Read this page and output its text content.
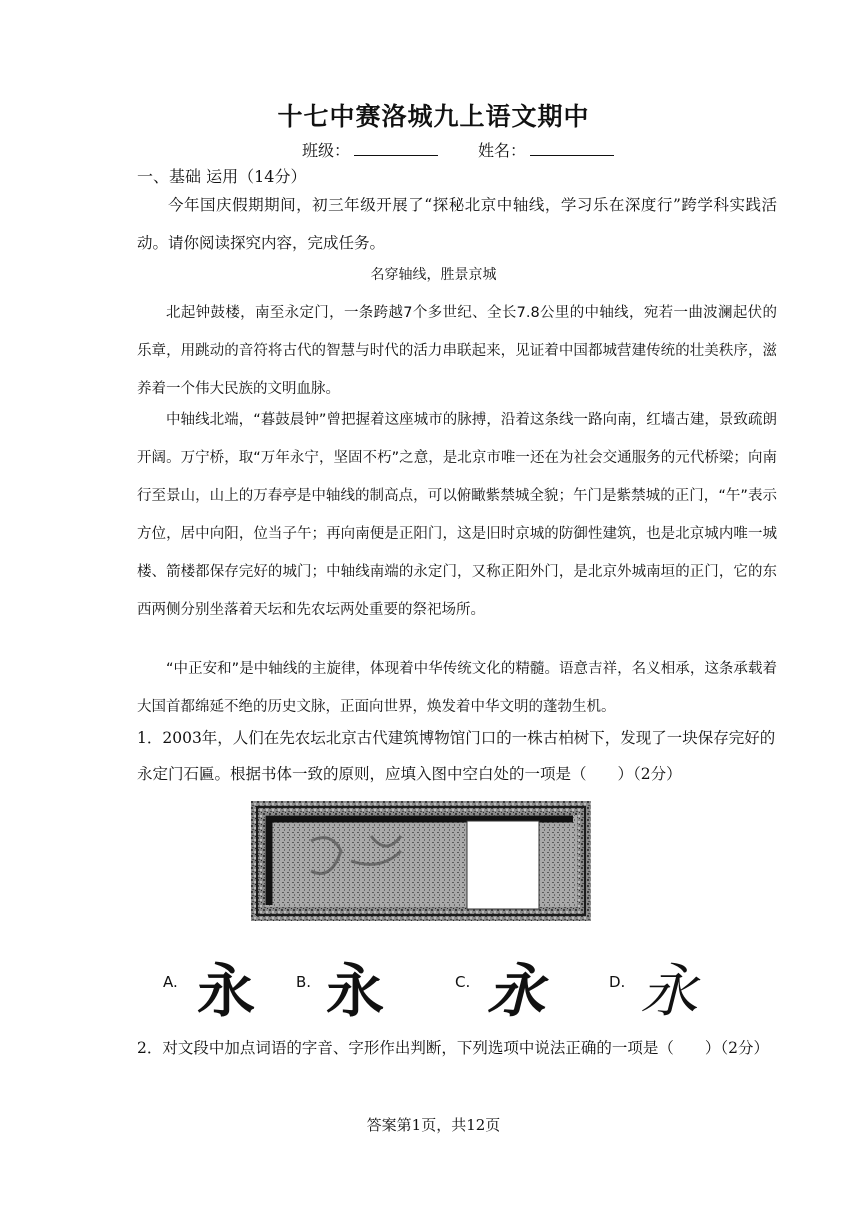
十七中赛洛城九上语文期中
班级：	姓名：
一、基础 运用（14分）
今年国庆假期期间，初三年级开展了“探秘北京中轴线，学习乐在深度行”跨学科实践活动。请你阅读探究内容，完成任务。
名穿轴线，胜景京城
北起钟鼓楼，南至永定门，一条跨越7个多世纪、全长7.8公里的中轴线，宛若一曲波澜起伏的乐章，用跳动的音符将古代的智慧与时代的活力串联起来，见证着中国都城营建传统的壮美秩序，滋养着一个伟大民族的文明血脉。
中轴线北端，“暮鼓晨钟”曾把握着这座城市的脉搏，沿着这条线一路向南，红墙古建，景致疏朗开阔。万宁桥，取“万年永宁，坚固不朽”之意，是北京市唯一还在为社会交通服务的元代桥梁；向南行至景山，山上的万春亭是中轴线的制高点，可以俯瞰紫禁城全貌；午门是紫禁城的正门，“午”表示方位，居中向阳，位当子午；再向南便是正阳门，这是旧时京城的防御性建筑，也是北京城内唯一城楼、箭楼都保存完好的城门；中轴线南端的永定门，又称正阳外门，是北京外城南垣的正门，它的东西两侧分别坐落着天坛和先农坛两处重要的祭祀场所。
“中正安和”是中轴线的主旋律，体现着中华传统文化的精髓。语意吉祥，名义相承，这条承载着大国首都绵延不绝的历史文脉，正面向世界，焕发着中华文明的蓬勃生机。
1．2003年，人们在先农坛北京古代建筑博物馆门口的一株古柏树下，发现了一块保存完好的永定门石匾。根据书体一致的原则，应填入图中空白处的一项是（　　）（2分）
A. 永	B. 永	C. 永	D. 永
2．对文段中加点词语的字音、字形作出判断，下列选项中说法正确的一项是（　　）（2分）
答案第1页，共12页
